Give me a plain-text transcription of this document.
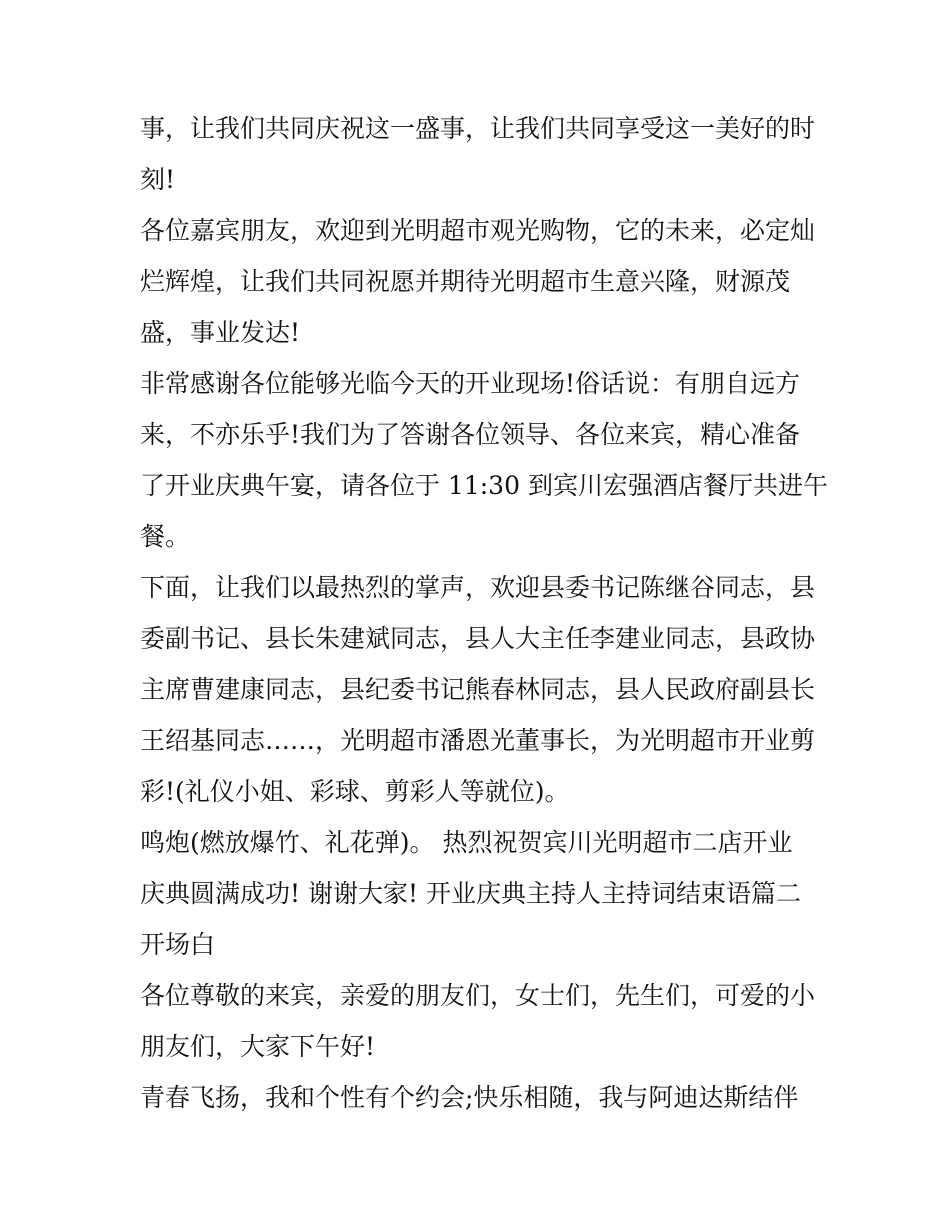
事，让我们共同庆祝这一盛事，让我们共同享受这一美好的时
刻!
各位嘉宾朋友，欢迎到光明超市观光购物，它的未来，必定灿
烂辉煌，让我们共同祝愿并期待光明超市生意兴隆，财源茂
盛，事业发达!
非常感谢各位能够光临今天的开业现场!俗话说：有朋自远方
来，不亦乐乎!我们为了答谢各位领导、各位来宾，精心准备
了开业庆典午宴，请各位于 11:30 到宾川宏强酒店餐厅共进午
餐。
下面，让我们以最热烈的掌声，欢迎县委书记陈继谷同志，县
委副书记、县长朱建斌同志，县人大主任李建业同志，县政协
主席曹建康同志，县纪委书记熊春林同志，县人民政府副县长
王绍基同志……，光明超市潘恩光董事长，为光明超市开业剪
彩!(礼仪小姐、彩球、剪彩人等就位)。
鸣炮(燃放爆竹、礼花弹)。 热烈祝贺宾川光明超市二店开业
庆典圆满成功! 谢谢大家! 开业庆典主持人主持词结束语篇二
开场白
各位尊敬的来宾，亲爱的朋友们，女士们，先生们，可爱的小
朋友们，大家下午好!
青春飞扬，我和个性有个约会;快乐相随，我与阿迪达斯结伴
